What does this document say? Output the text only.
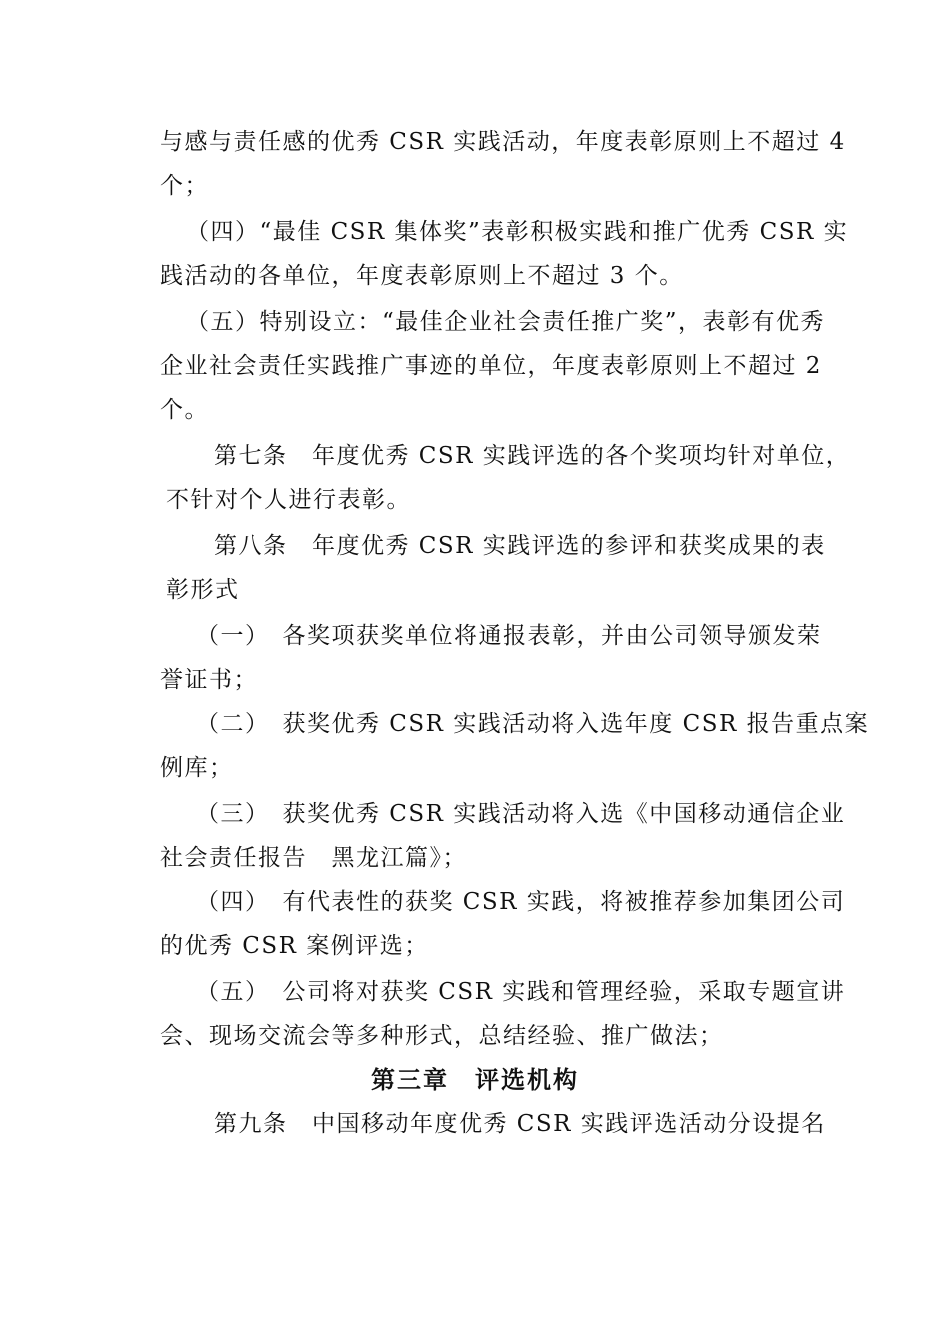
与感与责任感的优秀 CSR 实践活动，年度表彰原则上不超过 4
个；
（四）“最佳 CSR 集体奖”表彰积极实践和推广优秀 CSR 实
践活动的各单位，年度表彰原则上不超过 3 个。
（五）特别设立：“最佳企业社会责任推广奖”，表彰有优秀
企业社会责任实践推广事迹的单位，年度表彰原则上不超过 2
个。
第七条　年度优秀 CSR 实践评选的各个奖项均针对单位，
不针对个人进行表彰。
第八条　年度优秀 CSR 实践评选的参评和获奖成果的表
彰形式
（一）　各奖项获奖单位将通报表彰，并由公司领导颁发荣
誉证书；
（二）　获奖优秀 CSR 实践活动将入选年度 CSR 报告重点案
例库；
（三）　获奖优秀 CSR 实践活动将入选《中国移动通信企业
社会责任报告　黑龙江篇》；
（四）　有代表性的获奖 CSR 实践，将被推荐参加集团公司
的优秀 CSR 案例评选；
（五）　公司将对获奖 CSR 实践和管理经验，采取专题宣讲
会、现场交流会等多种形式，总结经验、推广做法；
第三章　评选机构
第九条　中国移动年度优秀 CSR 实践评选活动分设提名
